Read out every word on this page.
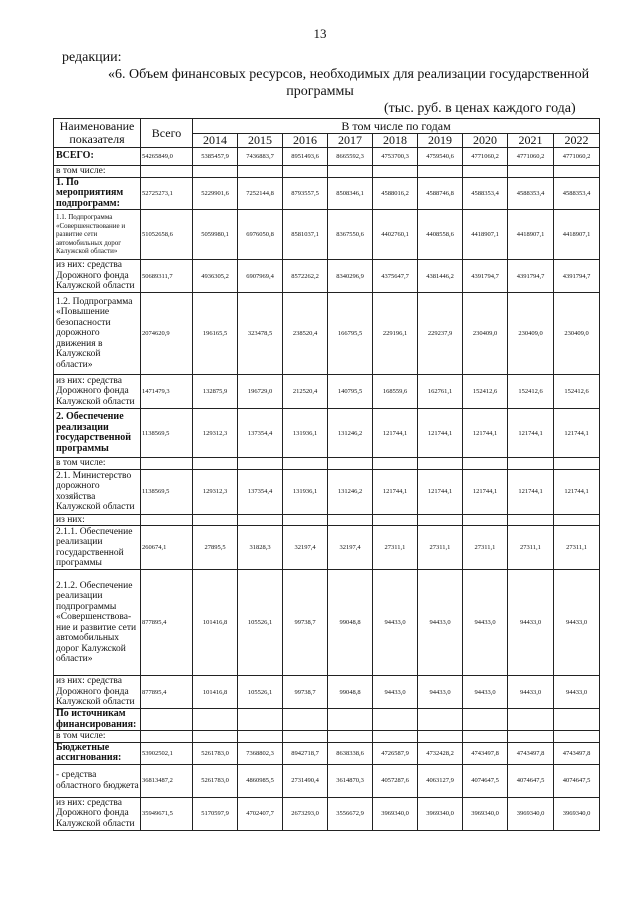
13
редакции:
«6. Объем финансовых ресурсов, необходимых для реализации государственной
программы
(тыс. руб. в ценах каждого года)
Наименование показателя	Всего	В том числе по годам								
		2014	2015	2016	2017	2018	2019	2020	2021	2022
ВСЕГО:	54265849,0	5385457,9	7436883,7	8951493,6	8665592,3	4753700,3	4759540,6	4771060,2	4771060,2	4771060,2
в том числе:										
1. По мероприятиям подпрограмм:	52725273,1	5229901,6	7252144,8	8793557,5	8508346,1	4588016,2	4588746,8	4588353,4	4588353,4	4588353,4
1.1. Подпрограмма «Совершенствование и развитие сети автомобильных дорог Калужской области»	51052658,6	5059980,1	6976050,8	8581037,1	8367550,6	4402760,1	4408558,6	4418907,1	4418907,1	4418907,1
из них: средства Дорожного фонда Калужской области	50689311,7	4936305,2	6907969,4	8572262,2	8340296,9	4375647,7	4381446,2	4391794,7	4391794,7	4391794,7
1.2. Подпрограмма «Повышение безопасности дорожного движения в Калужской области»	2074620,9	196165,5	323478,5	238520,4	166795,5	229196,1	229237,9	230409,0	230409,0	230409,0
из них: средства Дорожного фонда Калужской области	1471479,3	132875,9	196729,0	212520,4	140795,5	168559,6	162761,1	152412,6	152412,6	152412,6
2. Обеспечение реализации государственной программы	1138569,5	129312,3	137354,4	131936,1	131246,2	121744,1	121744,1	121744,1	121744,1	121744,1
в том числе:										
2.1. Министерство дорожного хозяйства Калужской области	1138569,5	129312,3	137354,4	131936,1	131246,2	121744,1	121744,1	121744,1	121744,1	121744,1
из них:										
2.1.1. Обеспечение реализации государственной программы	260674,1	27895,5	31828,3	32197,4	32197,4	27311,1	27311,1	27311,1	27311,1	27311,1
2.1.2. Обеспечение реализации подпрограммы «Совершенствова-ние и развитие сети автомобильных дорог Калужской области»	877895,4	101416,8	105526,1	99738,7	99048,8	94433,0	94433,0	94433,0	94433,0	94433,0
из них: средства Дорожного фонда Калужской области	877895,4	101416,8	105526,1	99738,7	99048,8	94433,0	94433,0	94433,0	94433,0	94433,0
По источникам финансирования:										
в том числе:										
Бюджетные ассигнования:	53902502,1	5261783,0	7368802,3	8942718,7	8638338,6	4726587,9	4732428,2	4743497,8	4743497,8	4743497,8
- средства областного бюджета	36813487,2	5261783,0	4860985,5	2731490,4	3614870,3	4057287,6	4063127,9	4074647,5	4074647,5	4074647,5
из них: средства Дорожного фонда Калужской области	35949671,5	5170597,9	4702407,7	2673293,0	3556672,9	3969340,0	3969340,0	3969340,0	3969340,0	3969340,0
